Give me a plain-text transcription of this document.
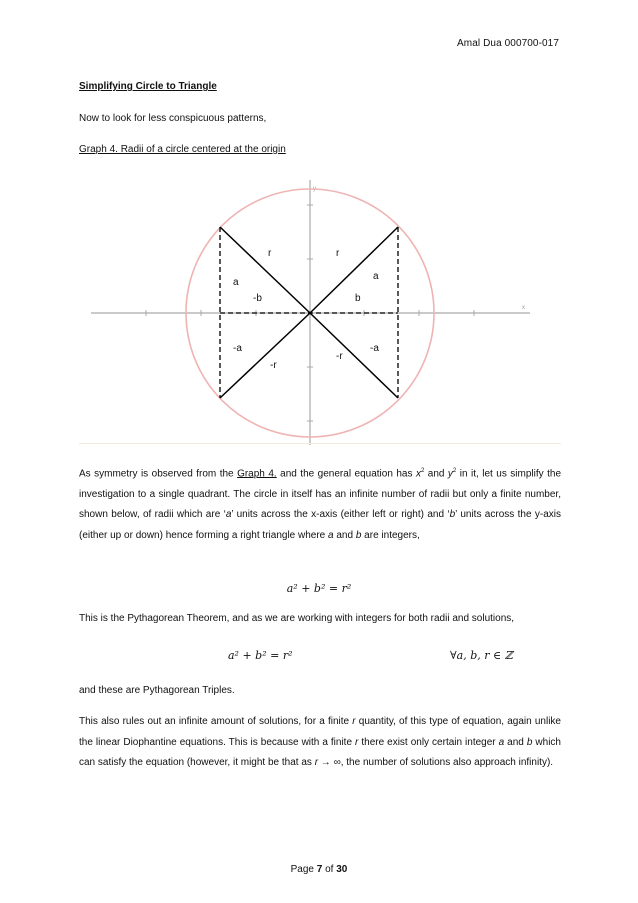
Amal Dua 000700-017
Simplifying Circle to Triangle
Now to look for less conspicuous patterns,
Graph 4. Radii of a circle centered at the origin
x
y
r	r
a
a
-b	b
-a	-a
-r
-r
As symmetry is observed from the Graph 4. and the general equation has $x^2$ and $y^2$ in it, let us simplify the investigation to a single quadrant. The circle in itself has an infinite number of radii but only a finite number, shown below, of radii which are ‘a’ units across the x-axis (either left or right) and ‘b’ units across the y-axis (either up or down) hence forming a right triangle where a and b are integers,
a² + b² = r²
This is the Pythagorean Theorem, and as we are working with integers for both radii and solutions,
a² + b² = r²	∀a, b, r ∈ ℤ
and these are Pythagorean Triples.
This also rules out an infinite amount of solutions, for a finite r quantity, of this type of equation, again unlike the linear Diophantine equations. This is because with a finite r there exist only certain integer a and b which can satisfy the equation (however, it might be that as r → ∞, the number of solutions also approach infinity).
Page 7 of 30
